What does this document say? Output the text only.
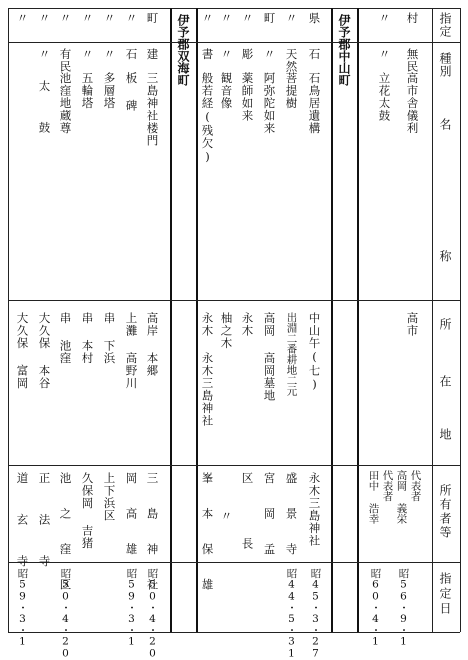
指定
種別
名
称
所
在
地
所有者等
指定日
伊予郡中山町
伊予郡双海町	村
無民
高市舎儀利
高市
代表者
高岡 義栄
昭56・9・1
〃
〃
立花太鼓
代表者
田中 浩幸
昭60・4・1
県
石
石鳥居遺構
中山午(七)
永木三島神社
昭45・3・27
〃
天然
菩提樹
出淵二番耕地二元
盛 景 寺
昭44・5・31
町
〃
阿弥陀如来
高岡 高岡墓地
宮 岡 孟
〃
彫
薬師如来
永木
区 長
〃
〃
観音像
柚之木
〃
〃
書
般若経(残欠)
永木 永木三島神社
峯 本 保 雄
町
建
三島神社楼門
高岸 本郷
三 島 神 社
昭50・4・20
〃
石
板 碑
上灘 高野川
岡 高 雄
昭59・3・1
〃
〃
多層塔
串 下浜
上下浜区
〃
〃
五輪塔
串 本村
久保岡 吉猪
〃
有民
池窪地蔵尊
串 池窪
池 之 窪 区
昭50・4・20
〃
〃
太 鼓
大久保 本谷
正 法 寺
〃
大久保 富岡
道 玄 寺
昭59・3・1
